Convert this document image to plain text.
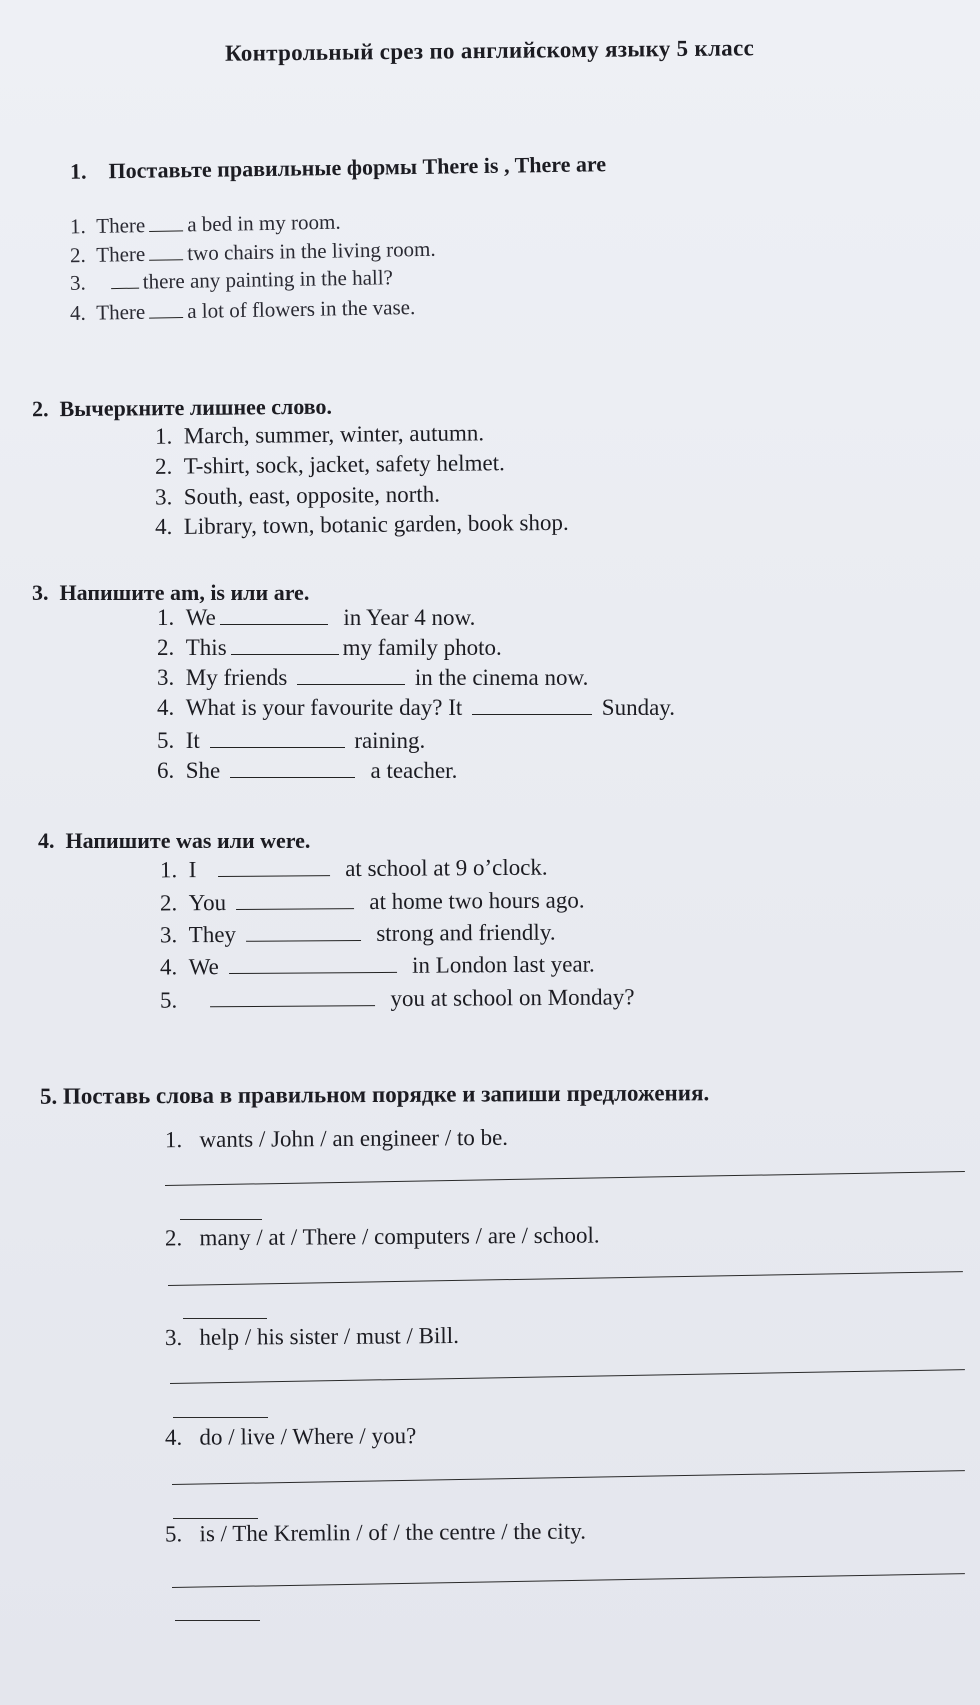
Контрольный срез по английскому языку 5 класс
1. Поставьте правильные формы There is , There are
1. There a bed in my room.
2. There two chairs in the living room.
3.	there any painting in the hall?
4. There a lot of flowers in the vase.
2. Вычеркните лишнее слово.
1. March, summer, winter, autumn.
2. T-shirt, sock, jacket, safety helmet.
3. South, east, opposite, north.
4. Library, town, botanic garden, book shop.
3. Напишите am, is или are.
1. We	in Year 4 now.
2. This	my family photo.
3. My friends	in the cinema now.
4. What is your favourite day? It	Sunday.
5. It	raining.
6. She	a teacher.
4. Напишите was или were.
1. I	at school at 9 o’clock.
2. You	at home two hours ago.
3. They	strong and friendly.
4. We	in London last year.
5.	you at school on Monday?
5. Поставь слова в правильном порядке и запиши предложения.
1. wants / John / an engineer / to be.
2. many / at / There / computers / are / school.
3. help / his sister / must / Bill.
4. do / live / Where / you?
5. is / The Kremlin / of / the centre / the city.
